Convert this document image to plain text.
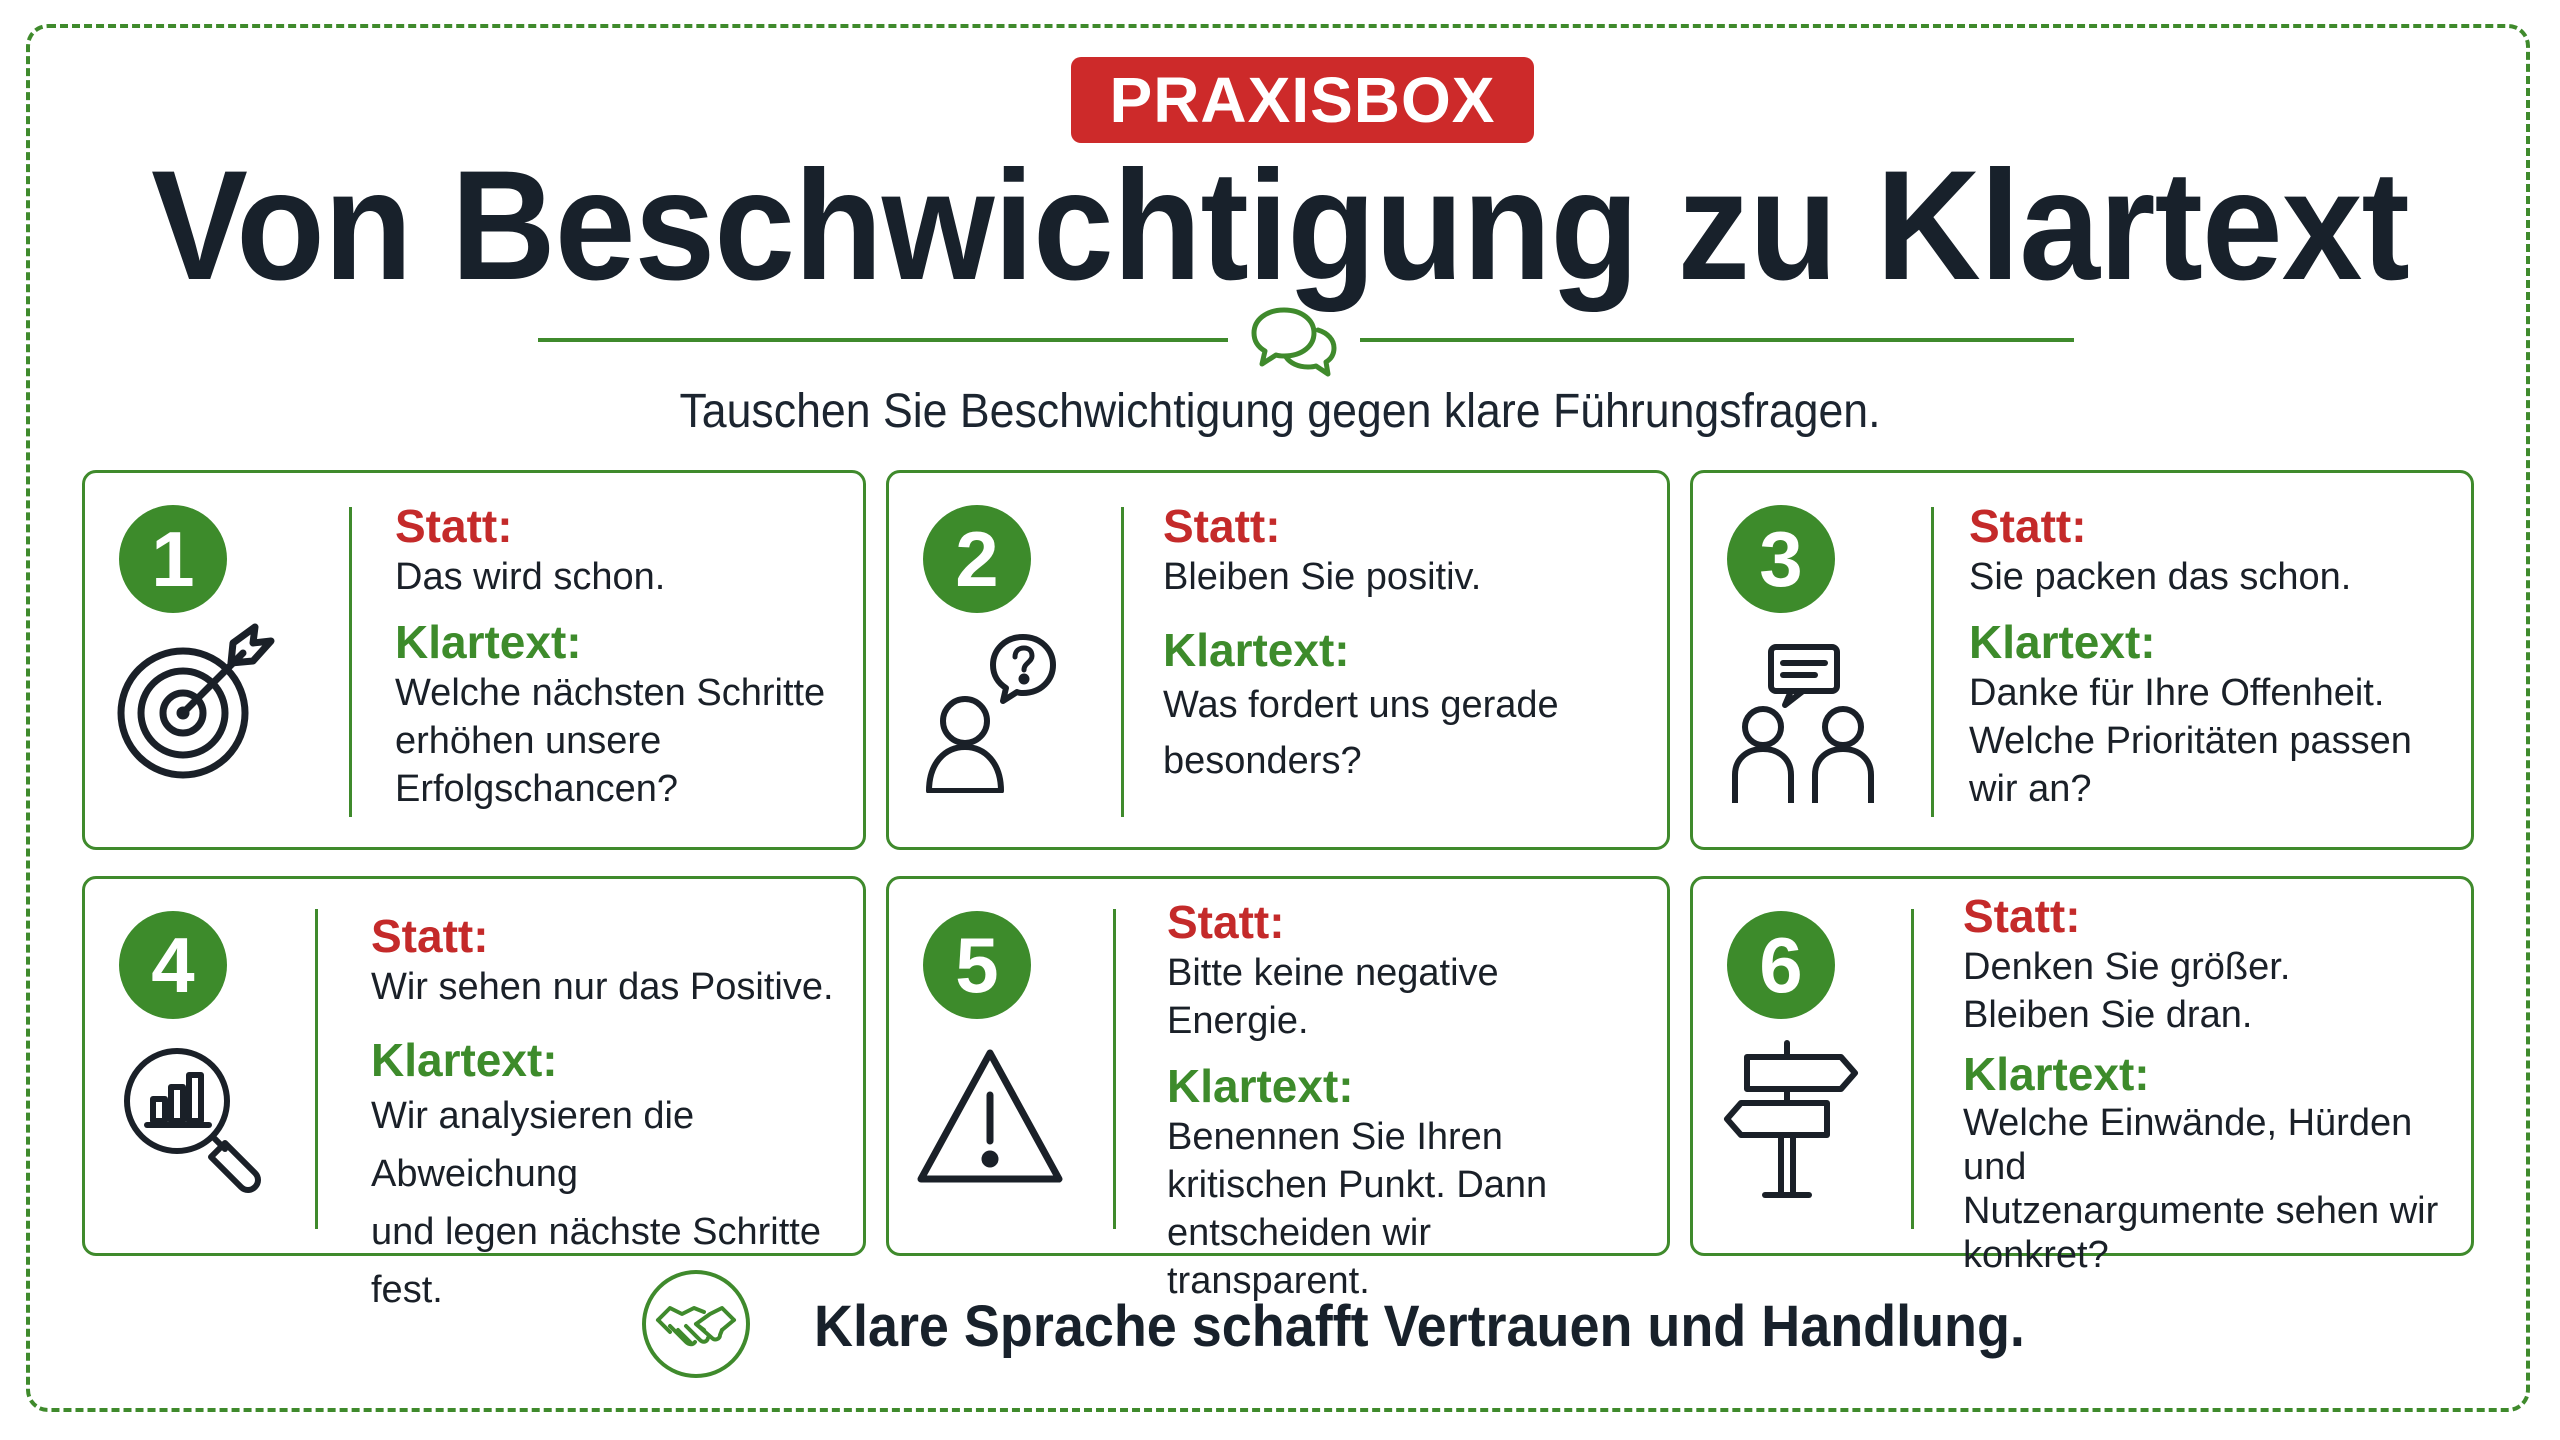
PRAXISBOX
Von Beschwichtigung zu Klartext
Tauschen Sie Beschwichtigung gegen klare Führungsfragen.
1	Statt:
Das wird schon.
Klartext:
Welche nächsten Schritte
erhöhen unsere
Erfolgschancen?
2	Statt:
Bleiben Sie positiv.
Klartext:
Was fordert uns gerade
besonders?
3	Statt:
Sie packen das schon.
Klartext:
Danke für Ihre Offenheit.
Welche Prioritäten passen
wir an?
4	Statt:
Wir sehen nur das Positive.
Klartext:
Wir analysieren die Abweichung
und legen nächste Schritte fest.
5	Statt:
Bitte keine negative Energie.
Klartext:
Benennen Sie Ihren
kritischen Punkt. Dann
entscheiden wir transparent.
6
Statt:
Denken Sie größer.
Bleiben Sie dran.
Klartext:
Welche Einwände, Hürden und
Nutzenargumente sehen wir
konkret?
Klare Sprache schafft Vertrauen und Handlung.
